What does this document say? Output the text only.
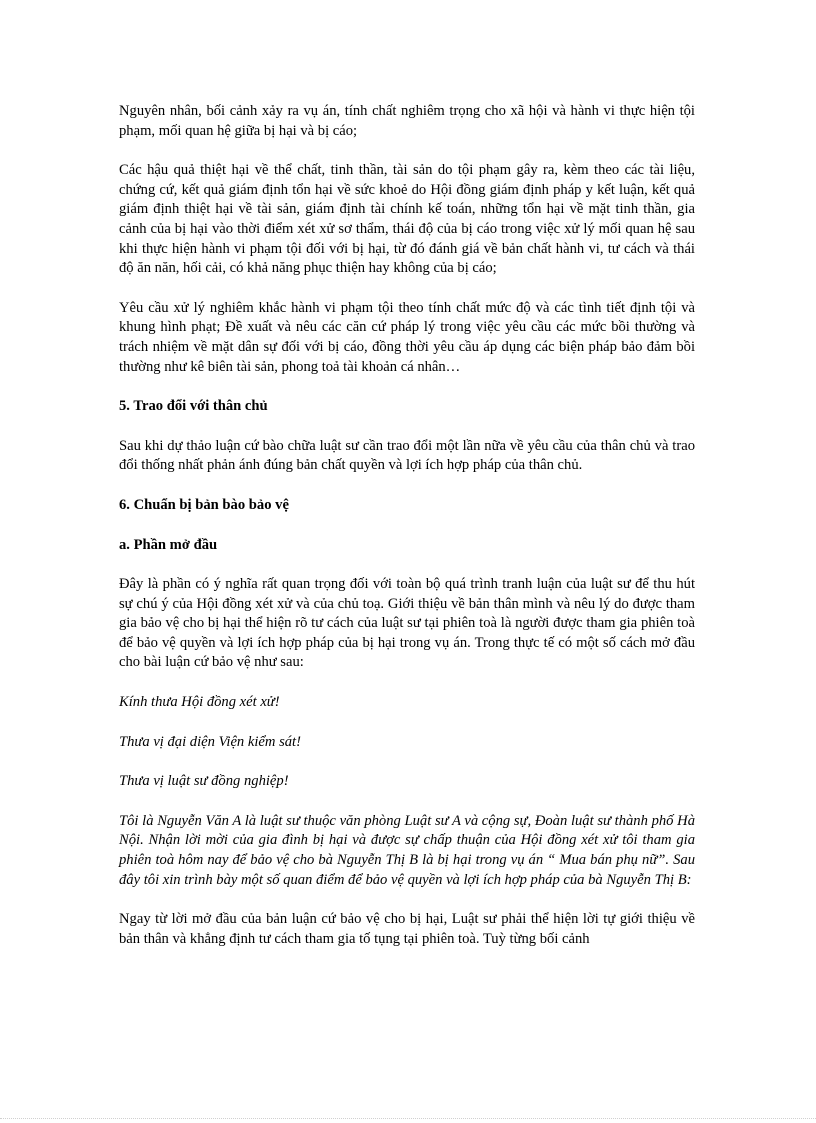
Nguyên nhân, bối cảnh xảy ra vụ án, tính chất nghiêm trọng cho xã hội và hành vi thực hiện tội phạm, mối quan hệ giữa bị hại và bị cáo;

Các hậu quả thiệt hại về thể chất, tinh thần, tài sản do tội phạm gây ra, kèm theo các tài liệu, chứng cứ, kết quả giám định tổn hại về sức khoẻ do Hội đồng giám định pháp y kết luận, kết quả giám định thiệt hại về tài sản, giám định tài chính kế toán, những tổn hại về mặt tinh thần, gia cảnh của bị hại vào thời điểm xét xử sơ thẩm, thái độ của bị cáo trong việc xử lý mối quan hệ sau khi thực hiện hành vi phạm tội đối với bị hại, từ đó đánh giá về bản chất hành vi, tư cách và thái độ ăn năn, hối cải, có khả năng phục thiện hay không của bị cáo;

Yêu cầu xử lý nghiêm khắc hành vi phạm tội theo tính chất mức độ và các tình tiết định tội và khung hình phạt; Đề xuất và nêu các căn cứ pháp lý trong việc yêu cầu các mức bồi thường và trách nhiệm về mặt dân sự đối với bị cáo, đồng thời yêu cầu áp dụng các biện pháp bảo đảm bồi thường như kê biên tài sản, phong toả tài khoản cá nhân…

5. Trao đổi với thân chủ

Sau khi dự thảo luận cứ bào chữa luật sư cần trao đổi một lần nữa về yêu cầu của thân chủ và trao đổi thống nhất phản ánh đúng bản chất quyền và lợi ích hợp pháp của thân chủ.

6. Chuẩn bị bản bào bảo vệ

a. Phần mở đầu

Đây là phần có ý nghĩa rất quan trọng đối với toàn bộ quá trình tranh luận của luật sư để thu hút sự chú ý của Hội đồng xét xử và của chủ toạ. Giới thiệu về bản thân mình và nêu lý do được tham gia bảo vệ cho bị hại thể hiện rõ tư cách của luật sư tại phiên toà là người được tham gia phiên toà để bảo vệ quyền và lợi ích hợp pháp của bị hại trong vụ án. Trong thực tế có một số cách mở đầu cho bài luận cứ bảo vệ như sau:

Kính thưa Hội đồng xét xử!

Thưa vị đại diện Viện kiểm sát!

Thưa vị luật sư đồng nghiệp!

Tôi là Nguyễn Văn A là luật sư thuộc văn phòng Luật sư A và cộng sự, Đoàn luật sư thành phố Hà Nội. Nhận lời mời của gia đình bị hại và được sự chấp thuận của Hội đồng xét xử tôi tham gia phiên toà hôm nay để bảo vệ cho bà Nguyễn Thị B là bị hại trong vụ án “ Mua bán phụ nữ”. Sau đây tôi xin trình bày một số quan điểm để bảo vệ quyền và lợi ích hợp pháp của bà Nguyễn Thị B:

Ngay từ lời mở đầu của bản luận cứ bảo vệ cho bị hại, Luật sư phải thể hiện lời tự giới thiệu về bản thân và khẳng định tư cách tham gia tố tụng tại phiên toà. Tuỳ từng bối cảnh
